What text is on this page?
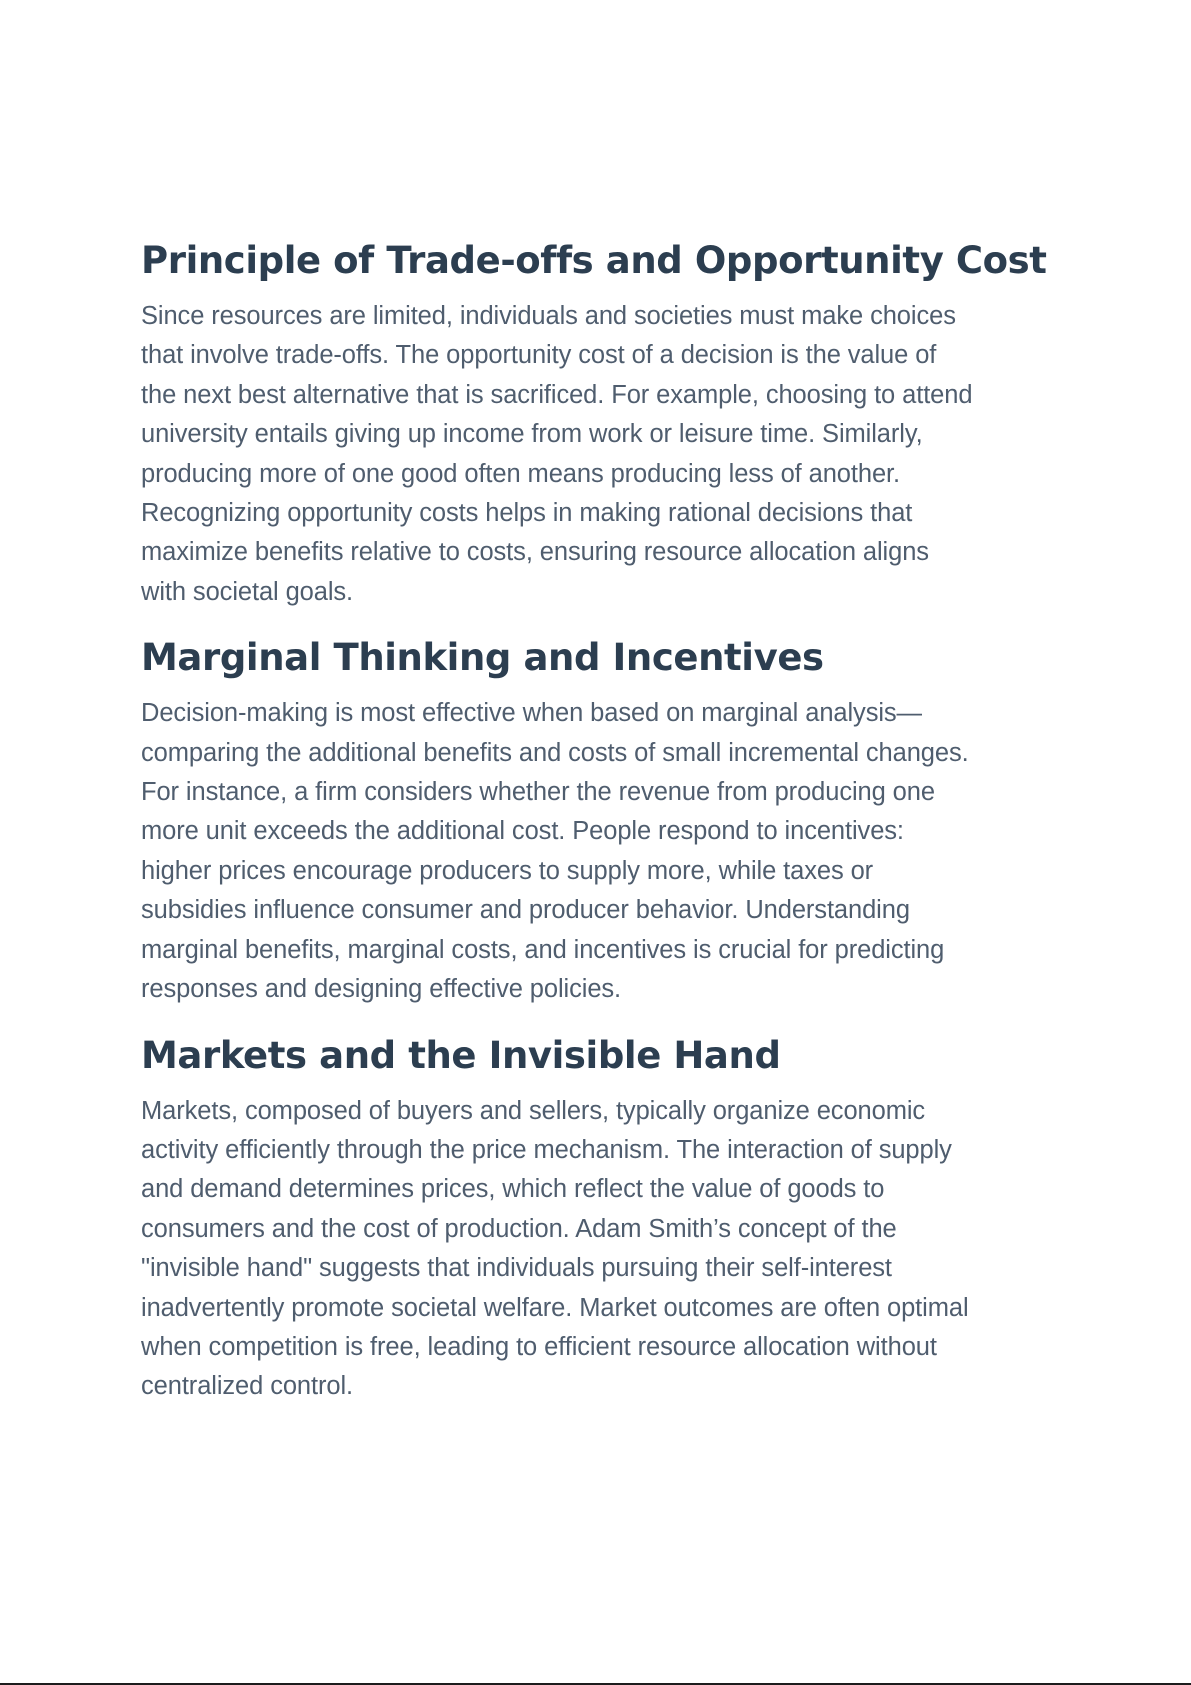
Principle of Trade-offs and Opportunity Cost

Since resources are limited, individuals and societies must make choices
that involve trade-offs. The opportunity cost of a decision is the value of
the next best alternative that is sacrificed. For example, choosing to attend
university entails giving up income from work or leisure time. Similarly,
producing more of one good often means producing less of another.
Recognizing opportunity costs helps in making rational decisions that
maximize benefits relative to costs, ensuring resource allocation aligns
with societal goals.

Marginal Thinking and Incentives

Decision-making is most effective when based on marginal analysis—
comparing the additional benefits and costs of small incremental changes.
For instance, a firm considers whether the revenue from producing one
more unit exceeds the additional cost. People respond to incentives:
higher prices encourage producers to supply more, while taxes or
subsidies influence consumer and producer behavior. Understanding
marginal benefits, marginal costs, and incentives is crucial for predicting
responses and designing effective policies.

Markets and the Invisible Hand

Markets, composed of buyers and sellers, typically organize economic
activity efficiently through the price mechanism. The interaction of supply
and demand determines prices, which reflect the value of goods to
consumers and the cost of production. Adam Smith’s concept of the
"invisible hand" suggests that individuals pursuing their self-interest
inadvertently promote societal welfare. Market outcomes are often optimal
when competition is free, leading to efficient resource allocation without
centralized control.
